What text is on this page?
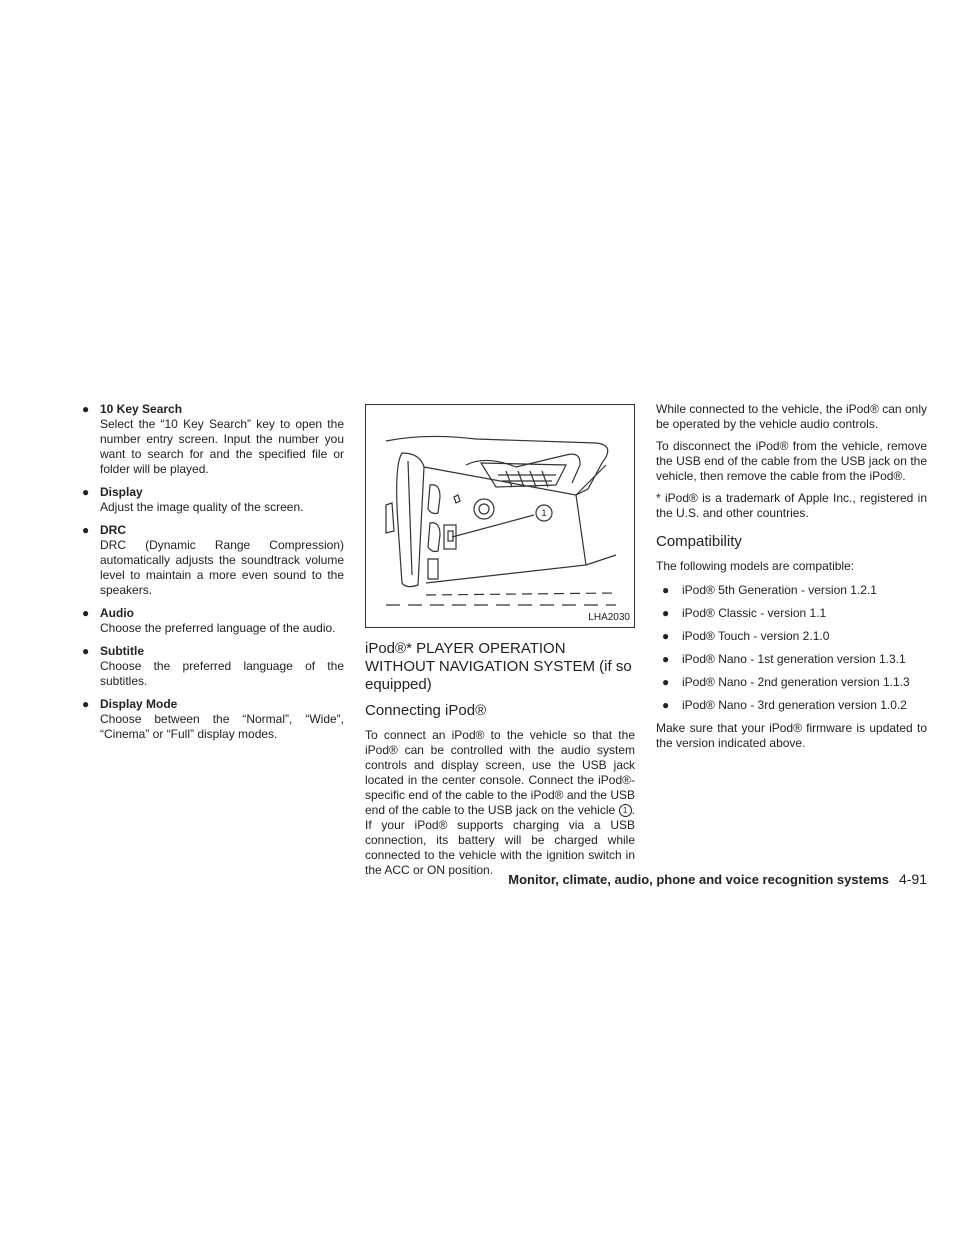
● 10 Key Search
Select the “10 Key Search” key to open the number entry screen. Input the number you want to search for and the specified file or folder will be played.
● Display
Adjust the image quality of the screen.
● DRC
DRC (Dynamic Range Compression) automatically adjusts the soundtrack volume level to maintain a more even sound to the speakers.
● Audio
Choose the preferred language of the audio.
● Subtitle
Choose the preferred language of the subtitles.
● Display Mode
Choose between the “Normal”, “Wide”, “Cinema” or “Full” display modes.
1
LHA2030
iPod®* PLAYER OPERATION WITHOUT NAVIGATION SYSTEM (if so equipped)
Connecting iPod®

To connect an iPod® to the vehicle so that the iPod® can be controlled with the audio system controls and display screen, use the USB jack located in the center console. Connect the iPod®-specific end of the cable to the iPod® and the USB end of the cable to the USB jack on the vehicle 1 . If your iPod® supports charging via a USB connection, its battery will be charged while connected to the vehicle with the ignition switch in the ACC or ON position.

While connected to the vehicle, the iPod® can only be operated by the vehicle audio controls.

To disconnect the iPod® from the vehicle, remove the USB end of the cable from the USB jack on the vehicle, then remove the cable from the iPod®.

* iPod® is a trademark of Apple Inc., registered in the U.S. and other countries.

Compatibility

The following models are compatible:

● iPod® 5th Generation - version 1.2.1
● iPod® Classic - version 1.1
● iPod® Touch - version 2.1.0
● iPod® Nano - 1st generation version 1.3.1
● iPod® Nano - 2nd generation version 1.1.3
● iPod® Nano - 3rd generation version 1.0.2

Make sure that your iPod® firmware is updated to the version indicated above.

Monitor, climate, audio, phone and voice recognition systems 4-91
